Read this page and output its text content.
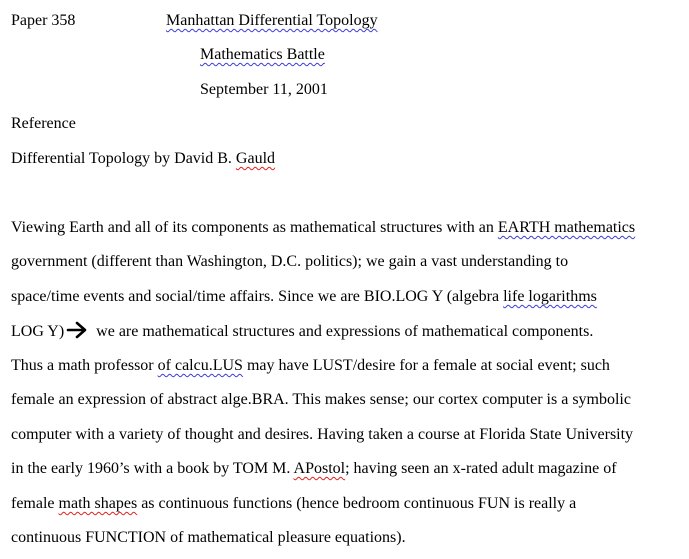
Paper 358	Manhattan Differential Topology
Mathematics Battle
September 11, 2001
Reference
Differential Topology by David B. Gauld
Viewing Earth and all of its components as mathematical structures with an EARTH mathematics
government (different than Washington, D.C. politics); we gain a vast understanding to
space/time events and social/time affairs. Since we are BIO.LOG Y (algebra life logarithms
LOG Y) we are mathematical structures and expressions of mathematical components.
Thus a math professor of calcu.LUS may have LUST/desire for a female at social event; such
female an expression of abstract alge.BRA. This makes sense; our cortex computer is a symbolic
computer with a variety of thought and desires. Having taken a course at Florida State University
in the early 1960’s with a book by TOM M. APostol; having seen an x-rated adult magazine of
female math shapes as continuous functions (hence bedroom continuous FUN is really a
continuous FUNCTION of mathematical pleasure equations).
